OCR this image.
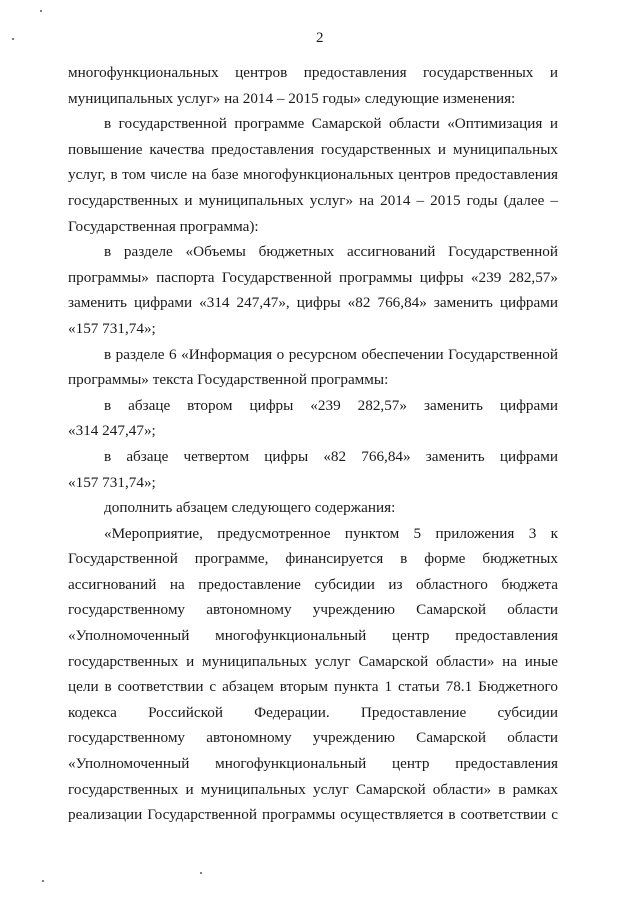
2
многофункциональных центров предоставления государственных и
муниципальных услуг» на 2014 – 2015 годы» следующие изменения:
в государственной программе Самарской области «Оптимизация и
повышение качества предоставления государственных и муниципальных
услуг, в том числе на базе многофункциональных центров предоставления
государственных и муниципальных услуг» на 2014 – 2015 годы (далее –
Государственная программа):
в разделе «Объемы бюджетных ассигнований Государственной
программы» паспорта Государственной программы цифры «239 282,57»
заменить цифрами «314 247,47», цифры «82 766,84» заменить цифрами
«157 731,74»;
в разделе 6 «Информация о ресурсном обеспечении Государственной
программы» текста Государственной программы:
в абзаце втором цифры «239 282,57» заменить цифрами
«314 247,47»;
в абзаце четвертом цифры «82 766,84» заменить цифрами
«157 731,74»;
дополнить абзацем следующего содержания:
«Мероприятие, предусмотренное пунктом 5 приложения 3 к
Государственной программе, финансируется в форме бюджетных
ассигнований на предоставление субсидии из областного бюджета
государственному автономному учреждению Самарской области
«Уполномоченный многофункциональный центр предоставления
государственных и муниципальных услуг Самарской области» на иные
цели в соответствии с абзацем вторым пункта 1 статьи 78.1 Бюджетного
кодекса Российской Федерации. Предоставление субсидии
государственному автономному учреждению Самарской области
«Уполномоченный многофункциональный центр предоставления
государственных и муниципальных услуг Самарской области» в рамках
реализации Государственной программы осуществляется в соответствии с
